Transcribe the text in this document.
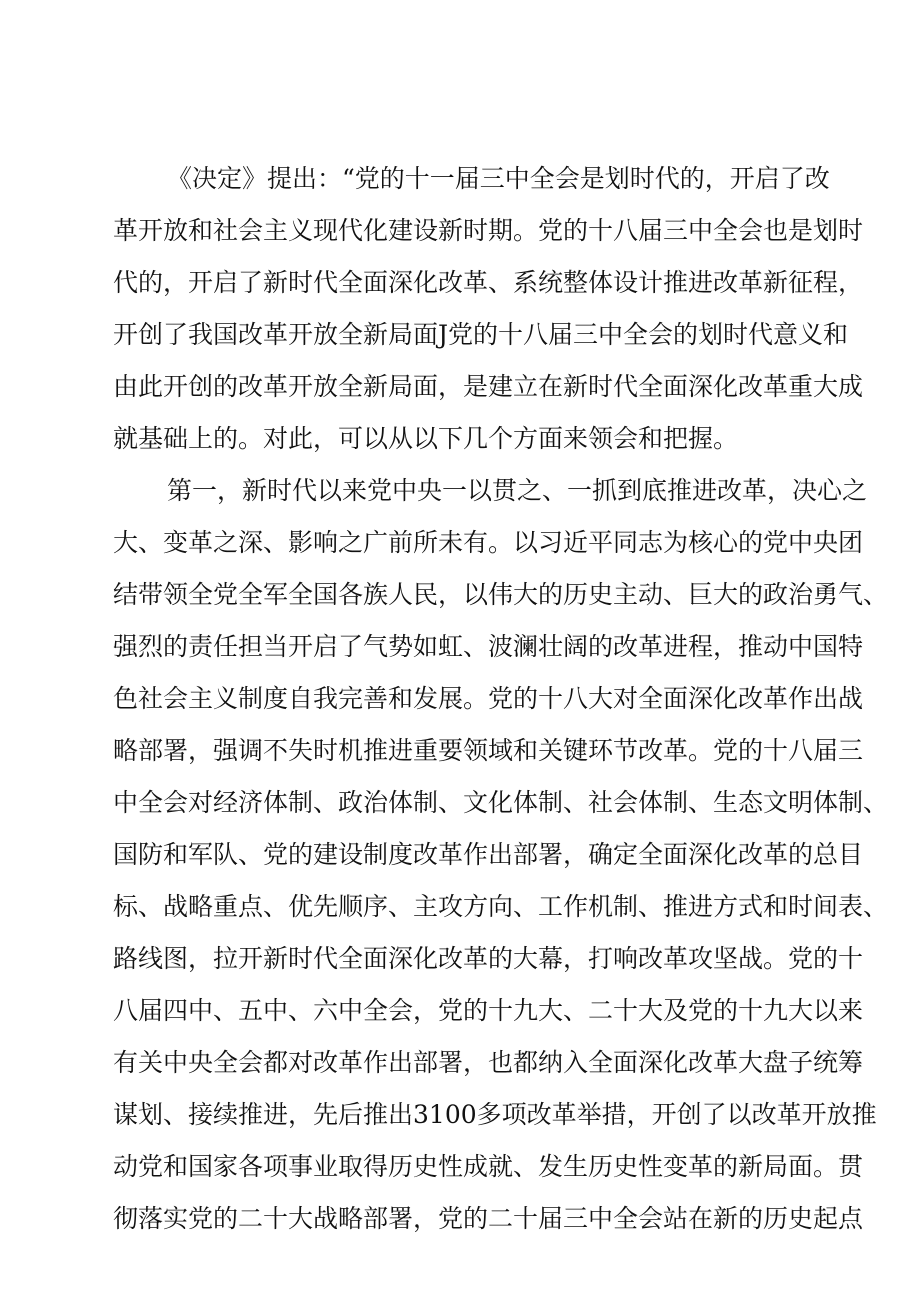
《决定》提出：“党的十一届三中全会是划时代的，开启了改
革开放和社会主义现代化建设新时期。党的十八届三中全会也是划时
代的，开启了新时代全面深化改革、系统整体设计推进改革新征程，
开创了我国改革开放全新局面J党的十八届三中全会的划时代意义和
由此开创的改革开放全新局面，是建立在新时代全面深化改革重大成
就基础上的。对此，可以从以下几个方面来领会和把握。
第一，新时代以来党中央一以贯之、一抓到底推进改革，决心之
大、变革之深、影响之广前所未有。以习近平同志为核心的党中央团
结带领全党全军全国各族人民，以伟大的历史主动、巨大的政治勇气、
强烈的责任担当开启了气势如虹、波澜壮阔的改革进程，推动中国特
色社会主义制度自我完善和发展。党的十八大对全面深化改革作出战
略部署，强调不失时机推进重要领域和关键环节改革。党的十八届三
中全会对经济体制、政治体制、文化体制、社会体制、生态文明体制、
国防和军队、党的建设制度改革作出部署，确定全面深化改革的总目
标、战略重点、优先顺序、主攻方向、工作机制、推进方式和时间表、
路线图，拉开新时代全面深化改革的大幕，打响改革攻坚战。党的十
八届四中、五中、六中全会，党的十九大、二十大及党的十九大以来
有关中央全会都对改革作出部署，也都纳入全面深化改革大盘子统筹
谋划、接续推进，先后推出3100多项改革举措，开创了以改革开放推
动党和国家各项事业取得历史性成就、发生历史性变革的新局面。贯
彻落实党的二十大战略部署，党的二十届三中全会站在新的历史起点
